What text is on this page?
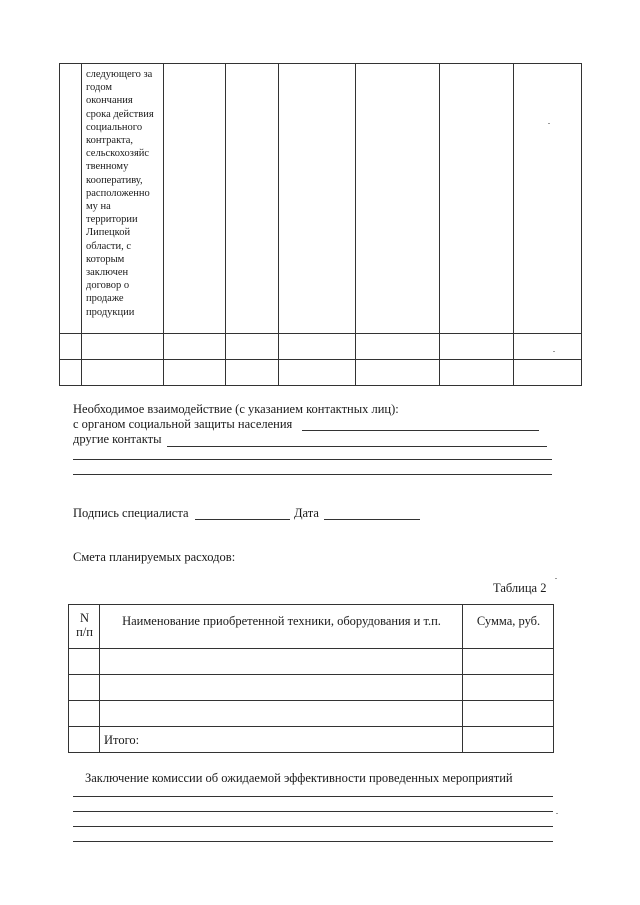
следующего за
годом
окончания
срока действия
социального
контракта,
сельскохозяйс
твенному
кооперативу,
расположенно
му на
территории
Липецкой
области, с
которым
заключен
договор о
продаже
продукции
Необходимое взаимодействие (с указанием контактных лиц):
с органом социальной защиты населения
другие контакты
Подпись специалиста	Дата
Смета планируемых расходов:
Таблица 2
N
п/п
Наименование приобретенной техники, оборудования и т.п.	Сумма, руб.
Итого:
Заключение комиссии об ожидаемой эффективности проведенных мероприятий
